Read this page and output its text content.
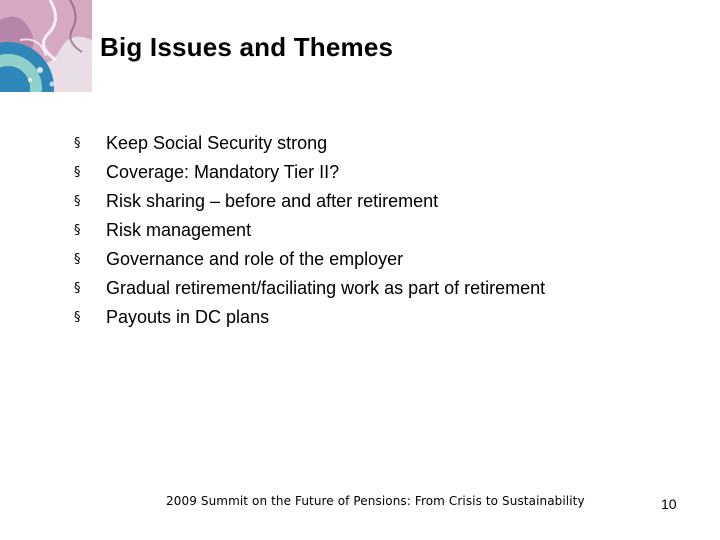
Big Issues and Themes
§	Keep Social Security strong
§	Coverage: Mandatory Tier II?
§	Risk sharing – before and after retirement
§	Risk management
§	Governance and role of the employer
§	Gradual retirement/faciliating work as part of retirement
§	Payouts in DC plans
2009 Summit on the Future of Pensions: From Crisis to Sustainability	10
